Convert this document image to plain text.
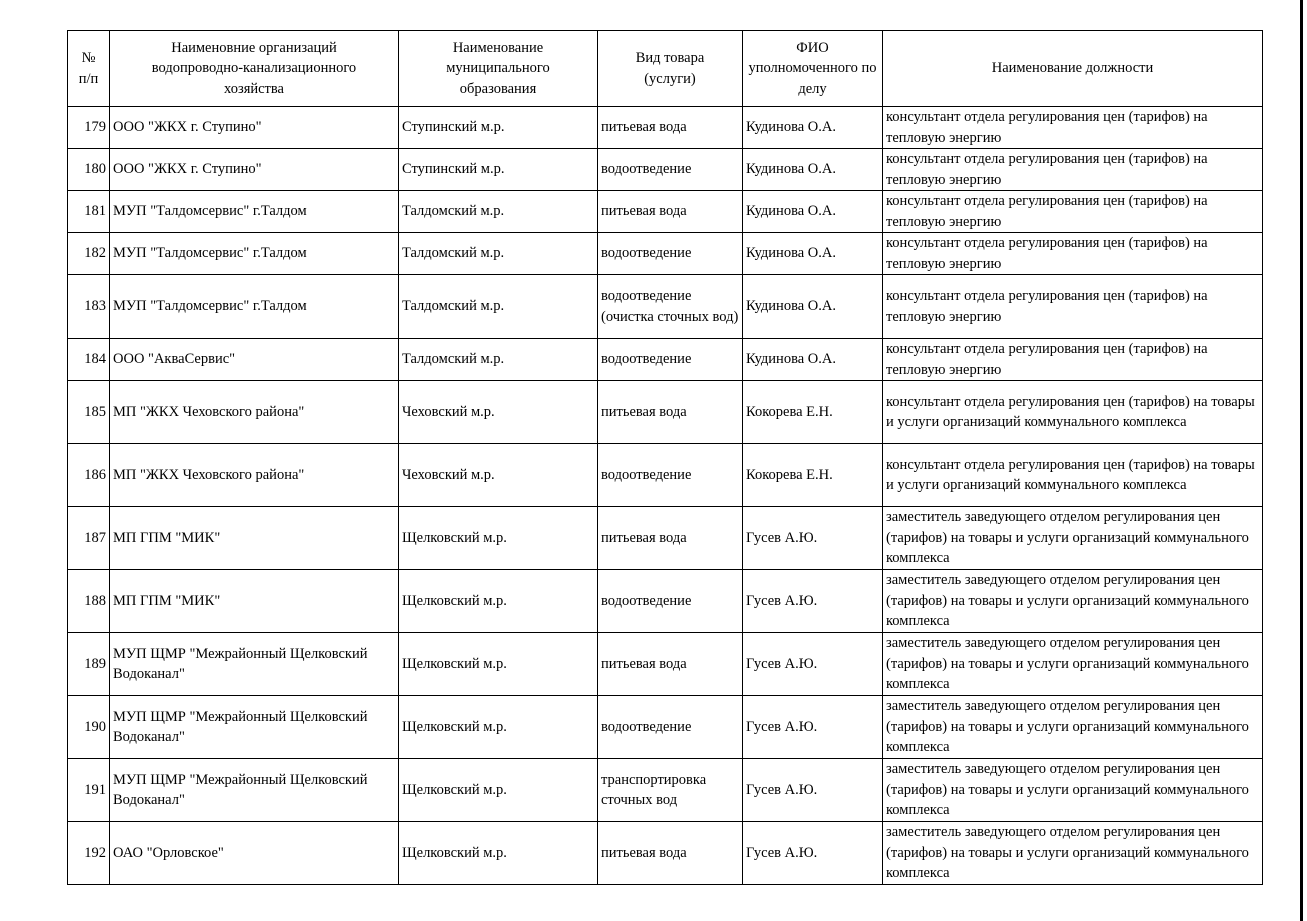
№ п/п	Наименовние организаций водопроводно-канализационного хозяйства	Наименование муниципального образования	Вид товара (услуги)	ФИО уполномоченного по делу	Наименование должности
179	ООО "ЖКХ г. Ступино"	Ступинский м.р.	питьевая вода	Кудинова О.А.	консультант отдела регулирования цен (тарифов) на тепловую энергию
180	ООО "ЖКХ г. Ступино"	Ступинский м.р.	водоотведение	Кудинова О.А.	консультант отдела регулирования цен (тарифов) на тепловую энергию
181	МУП "Талдомсервис" г.Талдом	Талдомский м.р.	питьевая вода	Кудинова О.А.	консультант отдела регулирования цен (тарифов) на тепловую энергию
182	МУП "Талдомсервис" г.Талдом	Талдомский м.р.	водоотведение	Кудинова О.А.	консультант отдела регулирования цен (тарифов) на тепловую энергию
183	МУП "Талдомсервис" г.Талдом	Талдомский м.р.	водоотведение (очистка сточных вод)	Кудинова О.А.	консультант отдела регулирования цен (тарифов) на тепловую энергию
184	ООО "АкваСервис"	Талдомский м.р.	водоотведение	Кудинова О.А.	консультант отдела регулирования цен (тарифов) на тепловую энергию
185	МП "ЖКХ Чеховского района"	Чеховский м.р.	питьевая вода	Кокорева Е.Н.	консультант отдела регулирования цен (тарифов) на товары и услуги организаций коммунального комплекса
186	МП "ЖКХ Чеховского района"	Чеховский м.р.	водоотведение	Кокорева Е.Н.	консультант отдела регулирования цен (тарифов) на товары и услуги организаций коммунального комплекса
187	МП ГПМ "МИК"	Щелковский м.р.	питьевая вода	Гусев А.Ю.	заместитель заведующего отделом регулирования цен (тарифов) на товары и услуги организаций коммунального комплекса
188	МП ГПМ "МИК"	Щелковский м.р.	водоотведение	Гусев А.Ю.	заместитель заведующего отделом регулирования цен (тарифов) на товары и услуги организаций коммунального комплекса
189	МУП ЩМР "Межрайонный Щелковский Водоканал"	Щелковский м.р.	питьевая вода	Гусев А.Ю.	заместитель заведующего отделом регулирования цен (тарифов) на товары и услуги организаций коммунального комплекса
190	МУП ЩМР "Межрайонный Щелковский Водоканал"	Щелковский м.р.	водоотведение	Гусев А.Ю.	заместитель заведующего отделом регулирования цен (тарифов) на товары и услуги организаций коммунального комплекса
191	МУП ЩМР "Межрайонный Щелковский Водоканал"	Щелковский м.р.	транспортировка сточных вод	Гусев А.Ю.	заместитель заведующего отделом регулирования цен (тарифов) на товары и услуги организаций коммунального комплекса
192	ОАО "Орловское"	Щелковский м.р.	питьевая вода	Гусев А.Ю.	заместитель заведующего отделом регулирования цен (тарифов) на товары и услуги организаций коммунального комплекса
